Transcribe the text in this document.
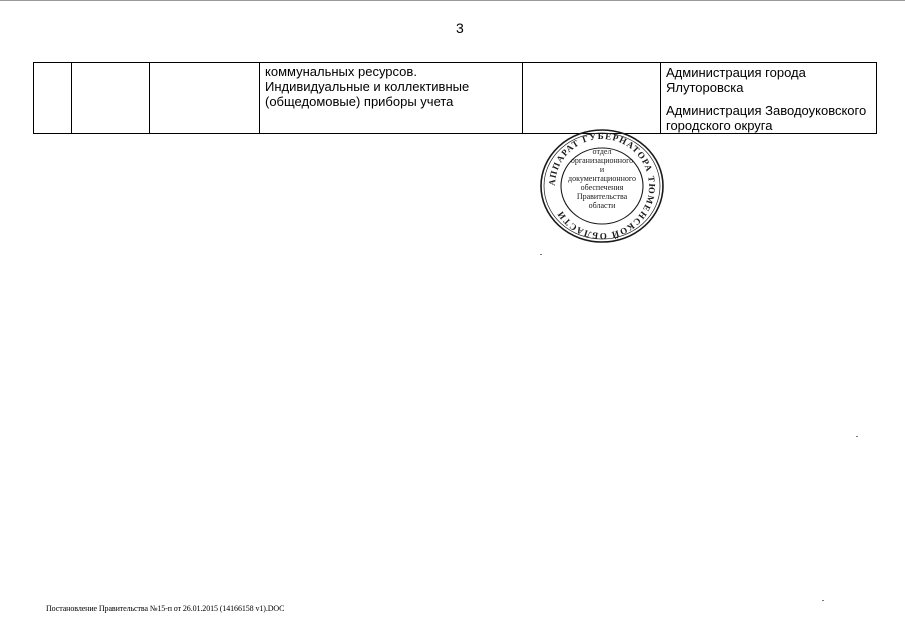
3

коммунальных ресурсов. Индивидуальные и коллективные (общедомовые) приборы учета

Администрация города Ялуторовска
Администрация Заводоуковского городского округа
АППАРАТ ГУБЕРНАТОРА ТЮМЕНСКОЙ ОБЛАСТИ
отдел
организационного
и
документационного
обеспечения
Правительства
области
Постановление Правительства №15-п от 26.01.2015 (14166158 v1).DOC
